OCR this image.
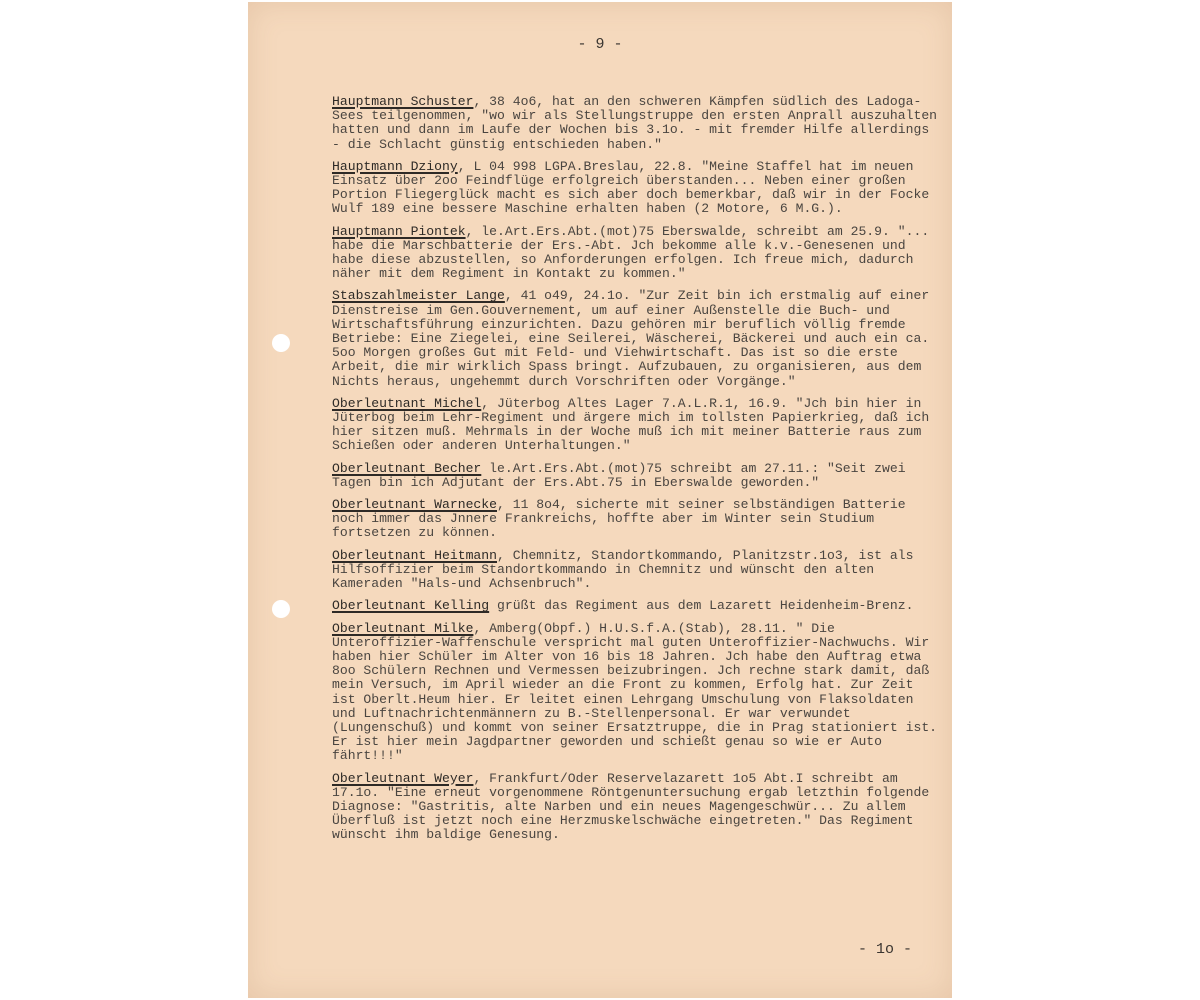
- 9 -

Hauptmann Schuster, 38 4o6, hat an den schweren Kämpfen südlich des Ladoga-Sees teilgenommen, "wo wir als Stellungstruppe den ersten Anprall auszuhalten hatten und dann im Laufe der Wochen bis 3.1o. - mit fremder Hilfe allerdings - die Schlacht günstig entschieden haben."

Hauptmann Dziony, L 04 998 LGPA.Breslau, 22.8. "Meine Staffel hat im neuen Einsatz über 2oo Feindflüge erfolgreich überstanden... Neben einer großen Portion Fliegerglück macht es sich aber doch bemerkbar, daß wir in der Focke Wulf 189 eine bessere Maschine erhalten haben (2 Motore, 6 M.G.).

Hauptmann Piontek, le.Art.Ers.Abt.(mot)75 Eberswalde, schreibt am 25.9. "... habe die Marschbatterie der Ers.-Abt. Jch bekomme alle k.v.-Genesenen und habe diese abzustellen, so Anforderungen erfolgen. Ich freue mich, dadurch näher mit dem Regiment in Kontakt zu kommen."

Stabszahlmeister Lange, 41 o49, 24.1o. "Zur Zeit bin ich erstmalig auf einer Dienstreise im Gen.Gouvernement, um auf einer Außenstelle die Buch- und Wirtschaftsführung einzurichten. Dazu gehören mir beruflich völlig fremde Betriebe: Eine Ziegelei, eine Seilerei, Wäscherei, Bäckerei und auch ein ca. 5oo Morgen großes Gut mit Feld- und Viehwirtschaft. Das ist so die erste Arbeit, die mir wirklich Spass bringt. Aufzubauen, zu organisieren, aus dem Nichts heraus, ungehemmt durch Vorschriften oder Vorgänge."

Oberleutnant Michel, Jüterbog Altes Lager 7.A.L.R.1, 16.9. "Jch bin hier in Jüterbog beim Lehr-Regiment und ärgere mich im tollsten Papierkrieg, daß ich hier sitzen muß. Mehrmals in der Woche muß ich mit meiner Batterie raus zum Schießen oder anderen Unterhaltungen."

Oberleutnant Becher le.Art.Ers.Abt.(mot)75 schreibt am 27.11.: "Seit zwei Tagen bin ich Adjutant der Ers.Abt.75 in Eberswalde geworden."

Oberleutnant Warnecke, 11 8o4, sicherte mit seiner selbständigen Batterie noch immer das Jnnere Frankreichs, hoffte aber im Winter sein Studium fortsetzen zu können.

Oberleutnant Heitmann, Chemnitz, Standortkommando, Planitzstr.1o3, ist als Hilfsoffizier beim Standortkommando in Chemnitz und wünscht den alten Kameraden "Hals-und Achsenbruch".

Oberleutnant Kelling grüßt das Regiment aus dem Lazarett Heidenheim-Brenz.

Oberleutnant Milke, Amberg(Obpf.) H.U.S.f.A.(Stab), 28.11. " Die Unteroffizier-Waffenschule verspricht mal guten Unteroffizier-Nachwuchs. Wir haben hier Schüler im Alter von 16 bis 18 Jahren. Jch habe den Auftrag etwa 8oo Schülern Rechnen und Vermessen beizubringen. Jch rechne stark damit, daß mein Versuch, im April wieder an die Front zu kommen, Erfolg hat. Zur Zeit ist Oberlt.Heum hier. Er leitet einen Lehrgang Umschulung von Flaksoldaten und Luftnachrichtenmännern zu B.-Stellenpersonal. Er war verwundet (Lungenschuß) und kommt von seiner Ersatztruppe, die in Prag stationiert ist. Er ist hier mein Jagdpartner geworden und schießt genau so wie er Auto fährt!!!"

Oberleutnant Weyer, Frankfurt/Oder Reservelazarett 1o5 Abt.I schreibt am 17.1o. "Eine erneut vorgenommene Röntgenuntersuchung ergab letzthin folgende Diagnose: "Gastritis, alte Narben und ein neues Magengeschwür... Zu allem Überfluß ist jetzt noch eine Herzmuskelschwäche eingetreten." Das Regiment wünscht ihm baldige Genesung.

- 1o -
